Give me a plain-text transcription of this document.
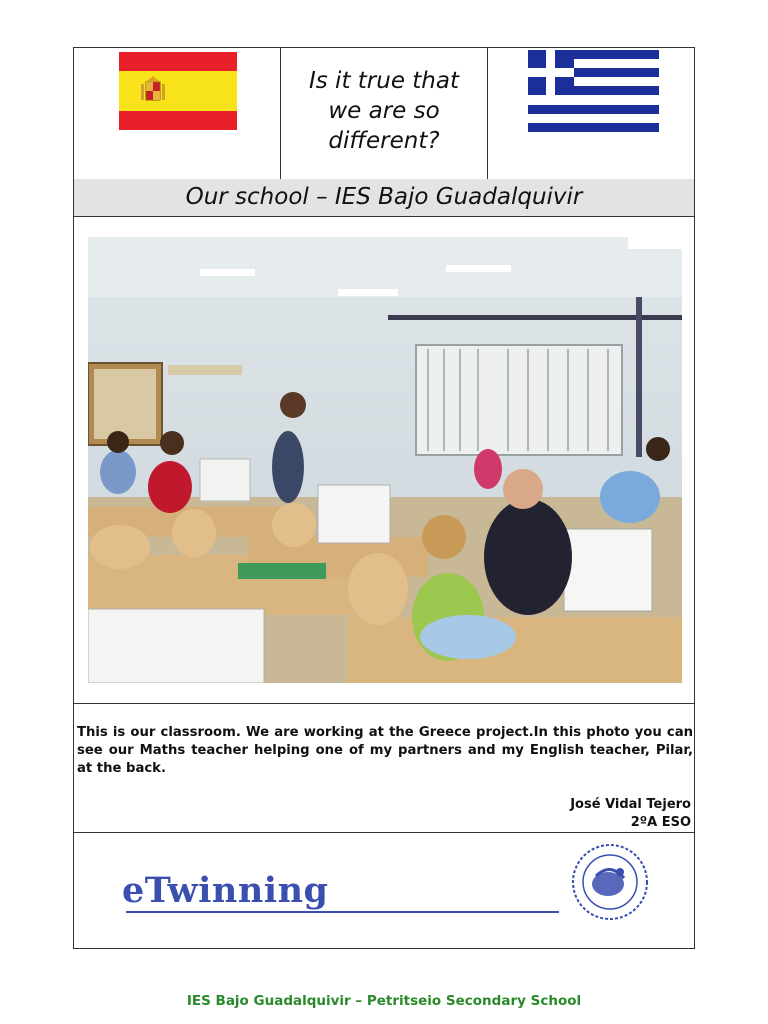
Is it true that
we are so
different?
Our school – IES Bajo Guadalquivir
This is our classroom. We are working at the Greece project.In this photo you can see our Maths teacher helping one of my partners and my English teacher, Pilar, at the back.
José Vidal Tejero
2ºA ESO
eTwinning
IES Bajo Guadalquivir – Petritseio Secondary School
